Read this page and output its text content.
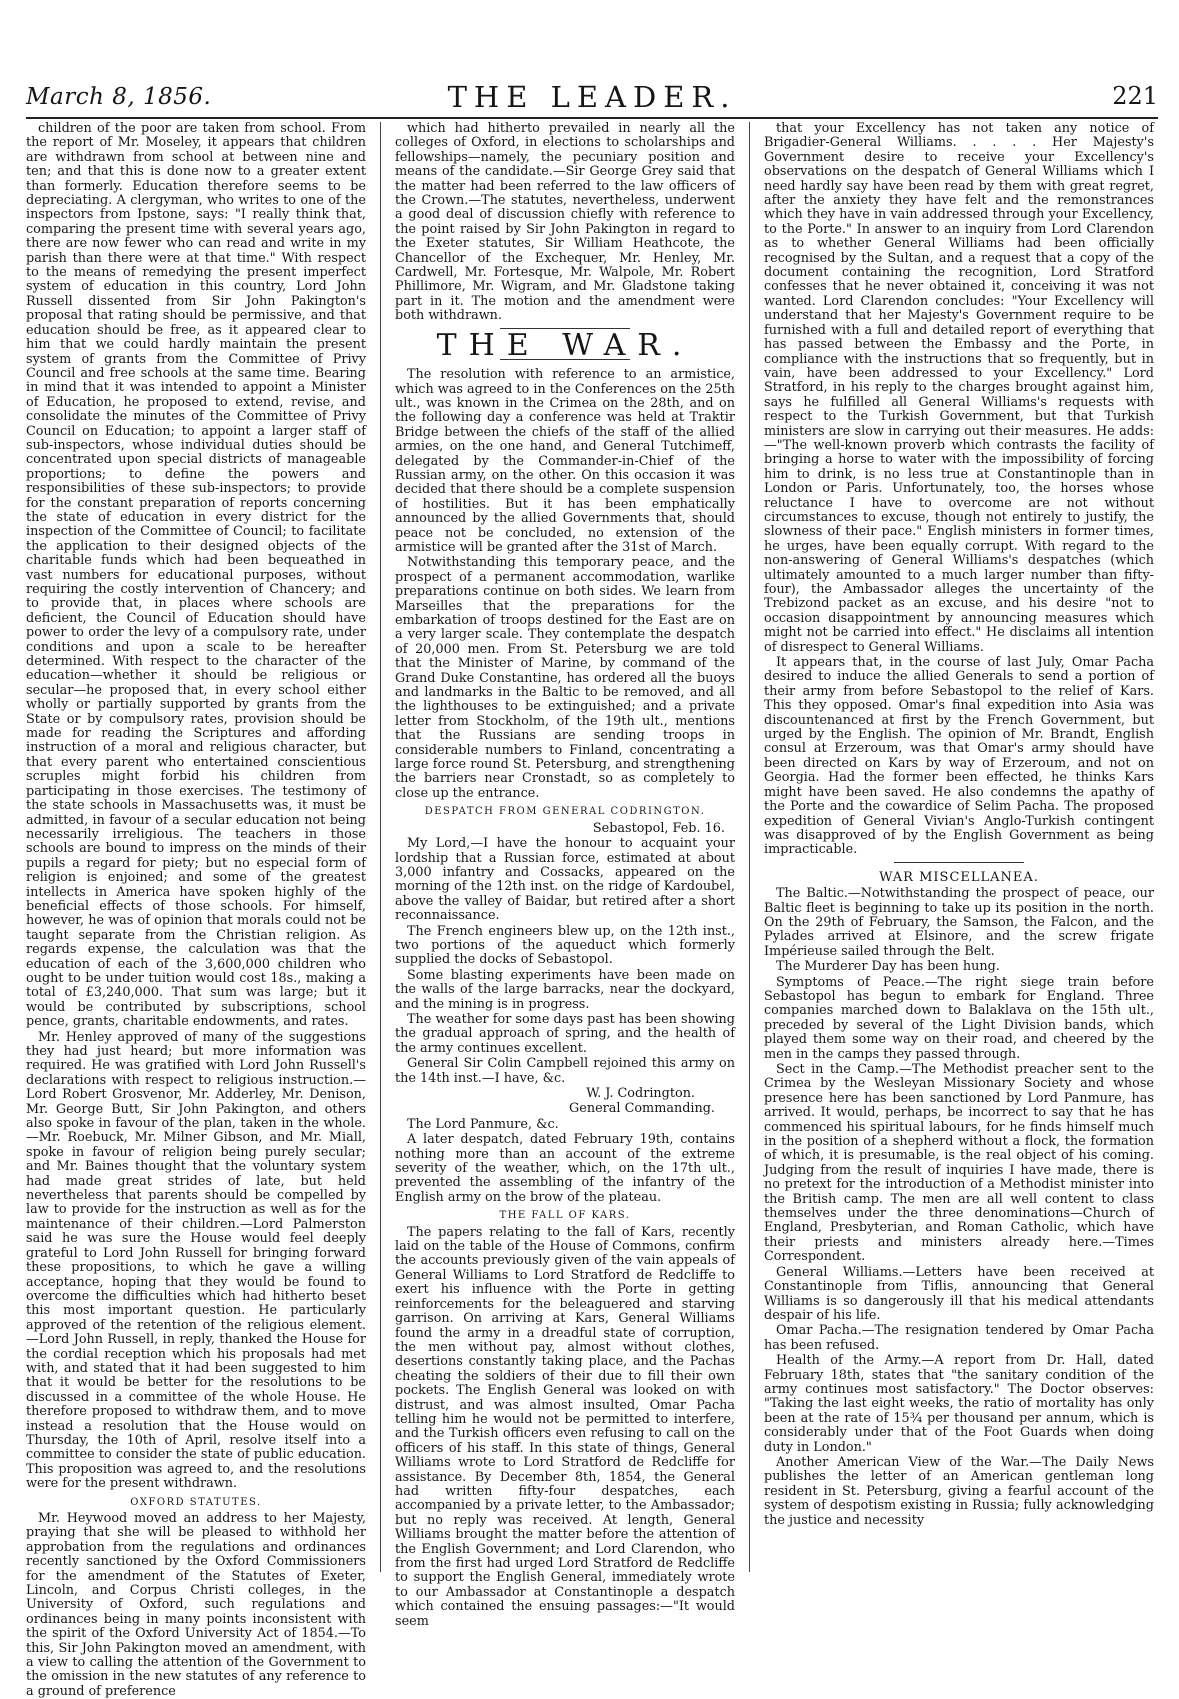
March 8, 1856.	THE LEADER.	221

children of the poor are taken from school. From the report of Mr. Moseley, it appears that children are withdrawn from school at between nine and ten; and that this is done now to a greater extent than formerly. Education therefore seems to be depreciating. A clergyman, who writes to one of the inspectors from Ipstone, says: "I really think that, comparing the present time with several years ago, there are now fewer who can read and write in my parish than there were at that time." With respect to the means of remedying the present imperfect system of education in this country, Lord John Russell dissented from Sir John Pakington's proposal that rating should be permissive, and that education should be free, as it appeared clear to him that we could hardly maintain the present system of grants from the Committee of Privy Council and free schools at the same time. Bearing in mind that it was intended to appoint a Minister of Education, he proposed to extend, revise, and consolidate the minutes of the Committee of Privy Council on Education; to appoint a larger staff of sub-inspectors, whose individual duties should be concentrated upon special districts of manageable proportions; to define the powers and responsibilities of these sub-inspectors; to provide for the constant preparation of reports concerning the state of education in every district for the inspection of the Committee of Council; to facilitate the application to their designed objects of the charitable funds which had been bequeathed in vast numbers for educational purposes, without requiring the costly intervention of Chancery; and to provide that, in places where schools are deficient, the Council of Education should have power to order the levy of a compulsory rate, under conditions and upon a scale to be hereafter determined. With respect to the character of the education—whether it should be religious or secular—he proposed that, in every school either wholly or partially supported by grants from the State or by compulsory rates, provision should be made for reading the Scriptures and affording instruction of a moral and religious character, but that every parent who entertained conscientious scruples might forbid his children from participating in those exercises. The testimony of the state schools in Massachusetts was, it must be admitted, in favour of a secular education not being necessarily irreligious. The teachers in those schools are bound to impress on the minds of their pupils a regard for piety; but no especial form of religion is enjoined; and some of the greatest intellects in America have spoken highly of the beneficial effects of those schools. For himself, however, he was of opinion that morals could not be taught separate from the Christian religion. As regards expense, the calculation was that the education of each of the 3,600,000 children who ought to be under tuition would cost 18s., making a total of £3,240,000. That sum was large; but it would be contributed by subscriptions, school pence, grants, charitable endowments, and rates.

Mr. Henley approved of many of the suggestions they had just heard; but more information was required. He was gratified with Lord John Russell's declarations with respect to religious instruction.—Lord Robert Grosvenor, Mr. Adderley, Mr. Denison, Mr. George Butt, Sir John Pakington, and others also spoke in favour of the plan, taken in the whole.—Mr. Roebuck, Mr. Milner Gibson, and Mr. Miall, spoke in favour of religion being purely secular; and Mr. Baines thought that the voluntary system had made great strides of late, but held nevertheless that parents should be compelled by law to provide for the instruction as well as for the maintenance of their children.—Lord Palmerston said he was sure the House would feel deeply grateful to Lord John Russell for bringing forward these propositions, to which he gave a willing acceptance, hoping that they would be found to overcome the difficulties which had hitherto beset this most important question. He particularly approved of the retention of the religious element.—Lord John Russell, in reply, thanked the House for the cordial reception which his proposals had met with, and stated that it had been suggested to him that it would be better for the resolutions to be discussed in a committee of the whole House. He therefore proposed to withdraw them, and to move instead a resolution that the House would on Thursday, the 10th of April, resolve itself into a committee to consider the state of public education. This proposition was agreed to, and the resolutions were for the present withdrawn.

OXFORD STATUTES.

Mr. Heywood moved an address to her Majesty, praying that she will be pleased to withhold her approbation from the regulations and ordinances recently sanctioned by the Oxford Commissioners for the amendment of the Statutes of Exeter, Lincoln, and Corpus Christi colleges, in the University of Oxford, such regulations and ordinances being in many points inconsistent with the spirit of the Oxford University Act of 1854.—To this, Sir John Pakington moved an amendment, with a view to calling the attention of the Government to the omission in the new statutes of any reference to a ground of preference

which had hitherto prevailed in nearly all the colleges of Oxford, in elections to scholarships and fellowships—namely, the pecuniary position and means of the candidate.—Sir George Grey said that the matter had been referred to the law officers of the Crown.—The statutes, nevertheless, underwent a good deal of discussion chiefly with reference to the point raised by Sir John Pakington in regard to the Exeter statutes, Sir William Heathcote, the Chancellor of the Exchequer, Mr. Henley, Mr. Cardwell, Mr. Fortesque, Mr. Walpole, Mr. Robert Phillimore, Mr. Wigram, and Mr. Gladstone taking part in it. The motion and the amendment were both withdrawn.

THE WAR.

The resolution with reference to an armistice, which was agreed to in the Conferences on the 25th ult., was known in the Crimea on the 28th, and on the following day a conference was held at Traktir Bridge between the chiefs of the staff of the allied armies, on the one hand, and General Tutchimeff, delegated by the Commander-in-Chief of the Russian army, on the other. On this occasion it was decided that there should be a complete suspension of hostilities. But it has been emphatically announced by the allied Governments that, should peace not be concluded, no extension of the armistice will be granted after the 31st of March.

Notwithstanding this temporary peace, and the prospect of a permanent accommodation, warlike preparations continue on both sides. We learn from Marseilles that the preparations for the embarkation of troops destined for the East are on a very larger scale. They contemplate the despatch of 20,000 men. From St. Petersburg we are told that the Minister of Marine, by command of the Grand Duke Constantine, has ordered all the buoys and landmarks in the Baltic to be removed, and all the lighthouses to be extinguished; and a private letter from Stockholm, of the 19th ult., mentions that the Russians are sending troops in considerable numbers to Finland, concentrating a large force round St. Petersburg, and strengthening the barriers near Cronstadt, so as completely to close up the entrance.

DESPATCH FROM GENERAL CODRINGTON.

Sebastopol, Feb. 16.

My Lord,—I have the honour to acquaint your lordship that a Russian force, estimated at about 3,000 infantry and Cossacks, appeared on the morning of the 12th inst. on the ridge of Kardoubel, above the valley of Baidar, but retired after a short reconnaissance.

The French engineers blew up, on the 12th inst., two portions of the aqueduct which formerly supplied the docks of Sebastopol.

Some blasting experiments have been made on the walls of the large barracks, near the dockyard, and the mining is in progress.

The weather for some days past has been showing the gradual approach of spring, and the health of the army continues excellent.

General Sir Colin Campbell rejoined this army on the 14th inst.—I have, &c.

W. J. Codrington.

General Commanding.

The Lord Panmure, &c.

A later despatch, dated February 19th, contains nothing more than an account of the extreme severity of the weather, which, on the 17th ult., prevented the assembling of the infantry of the English army on the brow of the plateau.

THE FALL OF KARS.

The papers relating to the fall of Kars, recently laid on the table of the House of Commons, confirm the accounts previously given of the vain appeals of General Williams to Lord Stratford de Redcliffe to exert his influence with the Porte in getting reinforcements for the beleaguered and starving garrison. On arriving at Kars, General Williams found the army in a dreadful state of corruption, the men without pay, almost without clothes, desertions constantly taking place, and the Pachas cheating the soldiers of their due to fill their own pockets. The English General was looked on with distrust, and was almost insulted, Omar Pacha telling him he would not be permitted to interfere, and the Turkish officers even refusing to call on the officers of his staff. In this state of things, General Williams wrote to Lord Stratford de Redcliffe for assistance. By December 8th, 1854, the General had written fifty-four despatches, each accompanied by a private letter, to the Ambassador; but no reply was received. At length, General Williams brought the matter before the attention of the English Government; and Lord Clarendon, who from the first had urged Lord Stratford de Redcliffe to support the English General, immediately wrote to our Ambassador at Constantinople a despatch which contained the ensuing passages:—"It would seem

that your Excellency has not taken any notice of Brigadier-General Williams. . . . . Her Majesty's Government desire to receive your Excellency's observations on the despatch of General Williams which I need hardly say have been read by them with great regret, after the anxiety they have felt and the remonstrances which they have in vain addressed through your Excellency, to the Porte." In answer to an inquiry from Lord Clarendon as to whether General Williams had been officially recognised by the Sultan, and a request that a copy of the document containing the recognition, Lord Stratford confesses that he never obtained it, conceiving it was not wanted. Lord Clarendon concludes: "Your Excellency will understand that her Majesty's Government require to be furnished with a full and detailed report of everything that has passed between the Embassy and the Porte, in compliance with the instructions that so frequently, but in vain, have been addressed to your Excellency." Lord Stratford, in his reply to the charges brought against him, says he fulfilled all General Williams's requests with respect to the Turkish Government, but that Turkish ministers are slow in carrying out their measures. He adds:—"The well-known proverb which contrasts the facility of bringing a horse to water with the impossibility of forcing him to drink, is no less true at Constantinople than in London or Paris. Unfortunately, too, the horses whose reluctance I have to overcome are not without circumstances to excuse, though not entirely to justify, the slowness of their pace." English ministers in former times, he urges, have been equally corrupt. With regard to the non-answering of General Williams's despatches (which ultimately amounted to a much larger number than fifty-four), the Ambassador alleges the uncertainty of the Trebizond packet as an excuse, and his desire "not to occasion disappointment by announcing measures which might not be carried into effect." He disclaims all intention of disrespect to General Williams.

It appears that, in the course of last July, Omar Pacha desired to induce the allied Generals to send a portion of their army from before Sebastopol to the relief of Kars. This they opposed. Omar's final expedition into Asia was discountenanced at first by the French Government, but urged by the English. The opinion of Mr. Brandt, English consul at Erzeroum, was that Omar's army should have been directed on Kars by way of Erzeroum, and not on Georgia. Had the former been effected, he thinks Kars might have been saved. He also condemns the apathy of the Porte and the cowardice of Selim Pacha. The proposed expedition of General Vivian's Anglo-Turkish contingent was disapproved of by the English Government as being impracticable.

WAR MISCELLANEA.

The Baltic.—Notwithstanding the prospect of peace, our Baltic fleet is beginning to take up its position in the north. On the 29th of February, the Samson, the Falcon, and the Pylades arrived at Elsinore, and the screw frigate Impérieuse sailed through the Belt.

The Murderer Day has been hung.

Symptoms of Peace.—The right siege train before Sebastopol has begun to embark for England. Three companies marched down to Balaklava on the 15th ult., preceded by several of the Light Division bands, which played them some way on their road, and cheered by the men in the camps they passed through.

Sect in the Camp.—The Methodist preacher sent to the Crimea by the Wesleyan Missionary Society and whose presence here has been sanctioned by Lord Panmure, has arrived. It would, perhaps, be incorrect to say that he has commenced his spiritual labours, for he finds himself much in the position of a shepherd without a flock, the formation of which, it is presumable, is the real object of his coming. Judging from the result of inquiries I have made, there is no pretext for the introduction of a Methodist minister into the British camp. The men are all well content to class themselves under the three denominations—Church of England, Presbyterian, and Roman Catholic, which have their priests and ministers already here.—Times Correspondent.

General Williams.—Letters have been received at Constantinople from Tiflis, announcing that General Williams is so dangerously ill that his medical attendants despair of his life.

Omar Pacha.—The resignation tendered by Omar Pacha has been refused.

Health of the Army.—A report from Dr. Hall, dated February 18th, states that "the sanitary condition of the army continues most satisfactory." The Doctor observes: "Taking the last eight weeks, the ratio of mortality has only been at the rate of 15¾ per thousand per annum, which is considerably under that of the Foot Guards when doing duty in London."

Another American View of the War.—The Daily News publishes the letter of an American gentleman long resident in St. Petersburg, giving a fearful account of the system of despotism existing in Russia; fully acknowledging the justice and necessity
